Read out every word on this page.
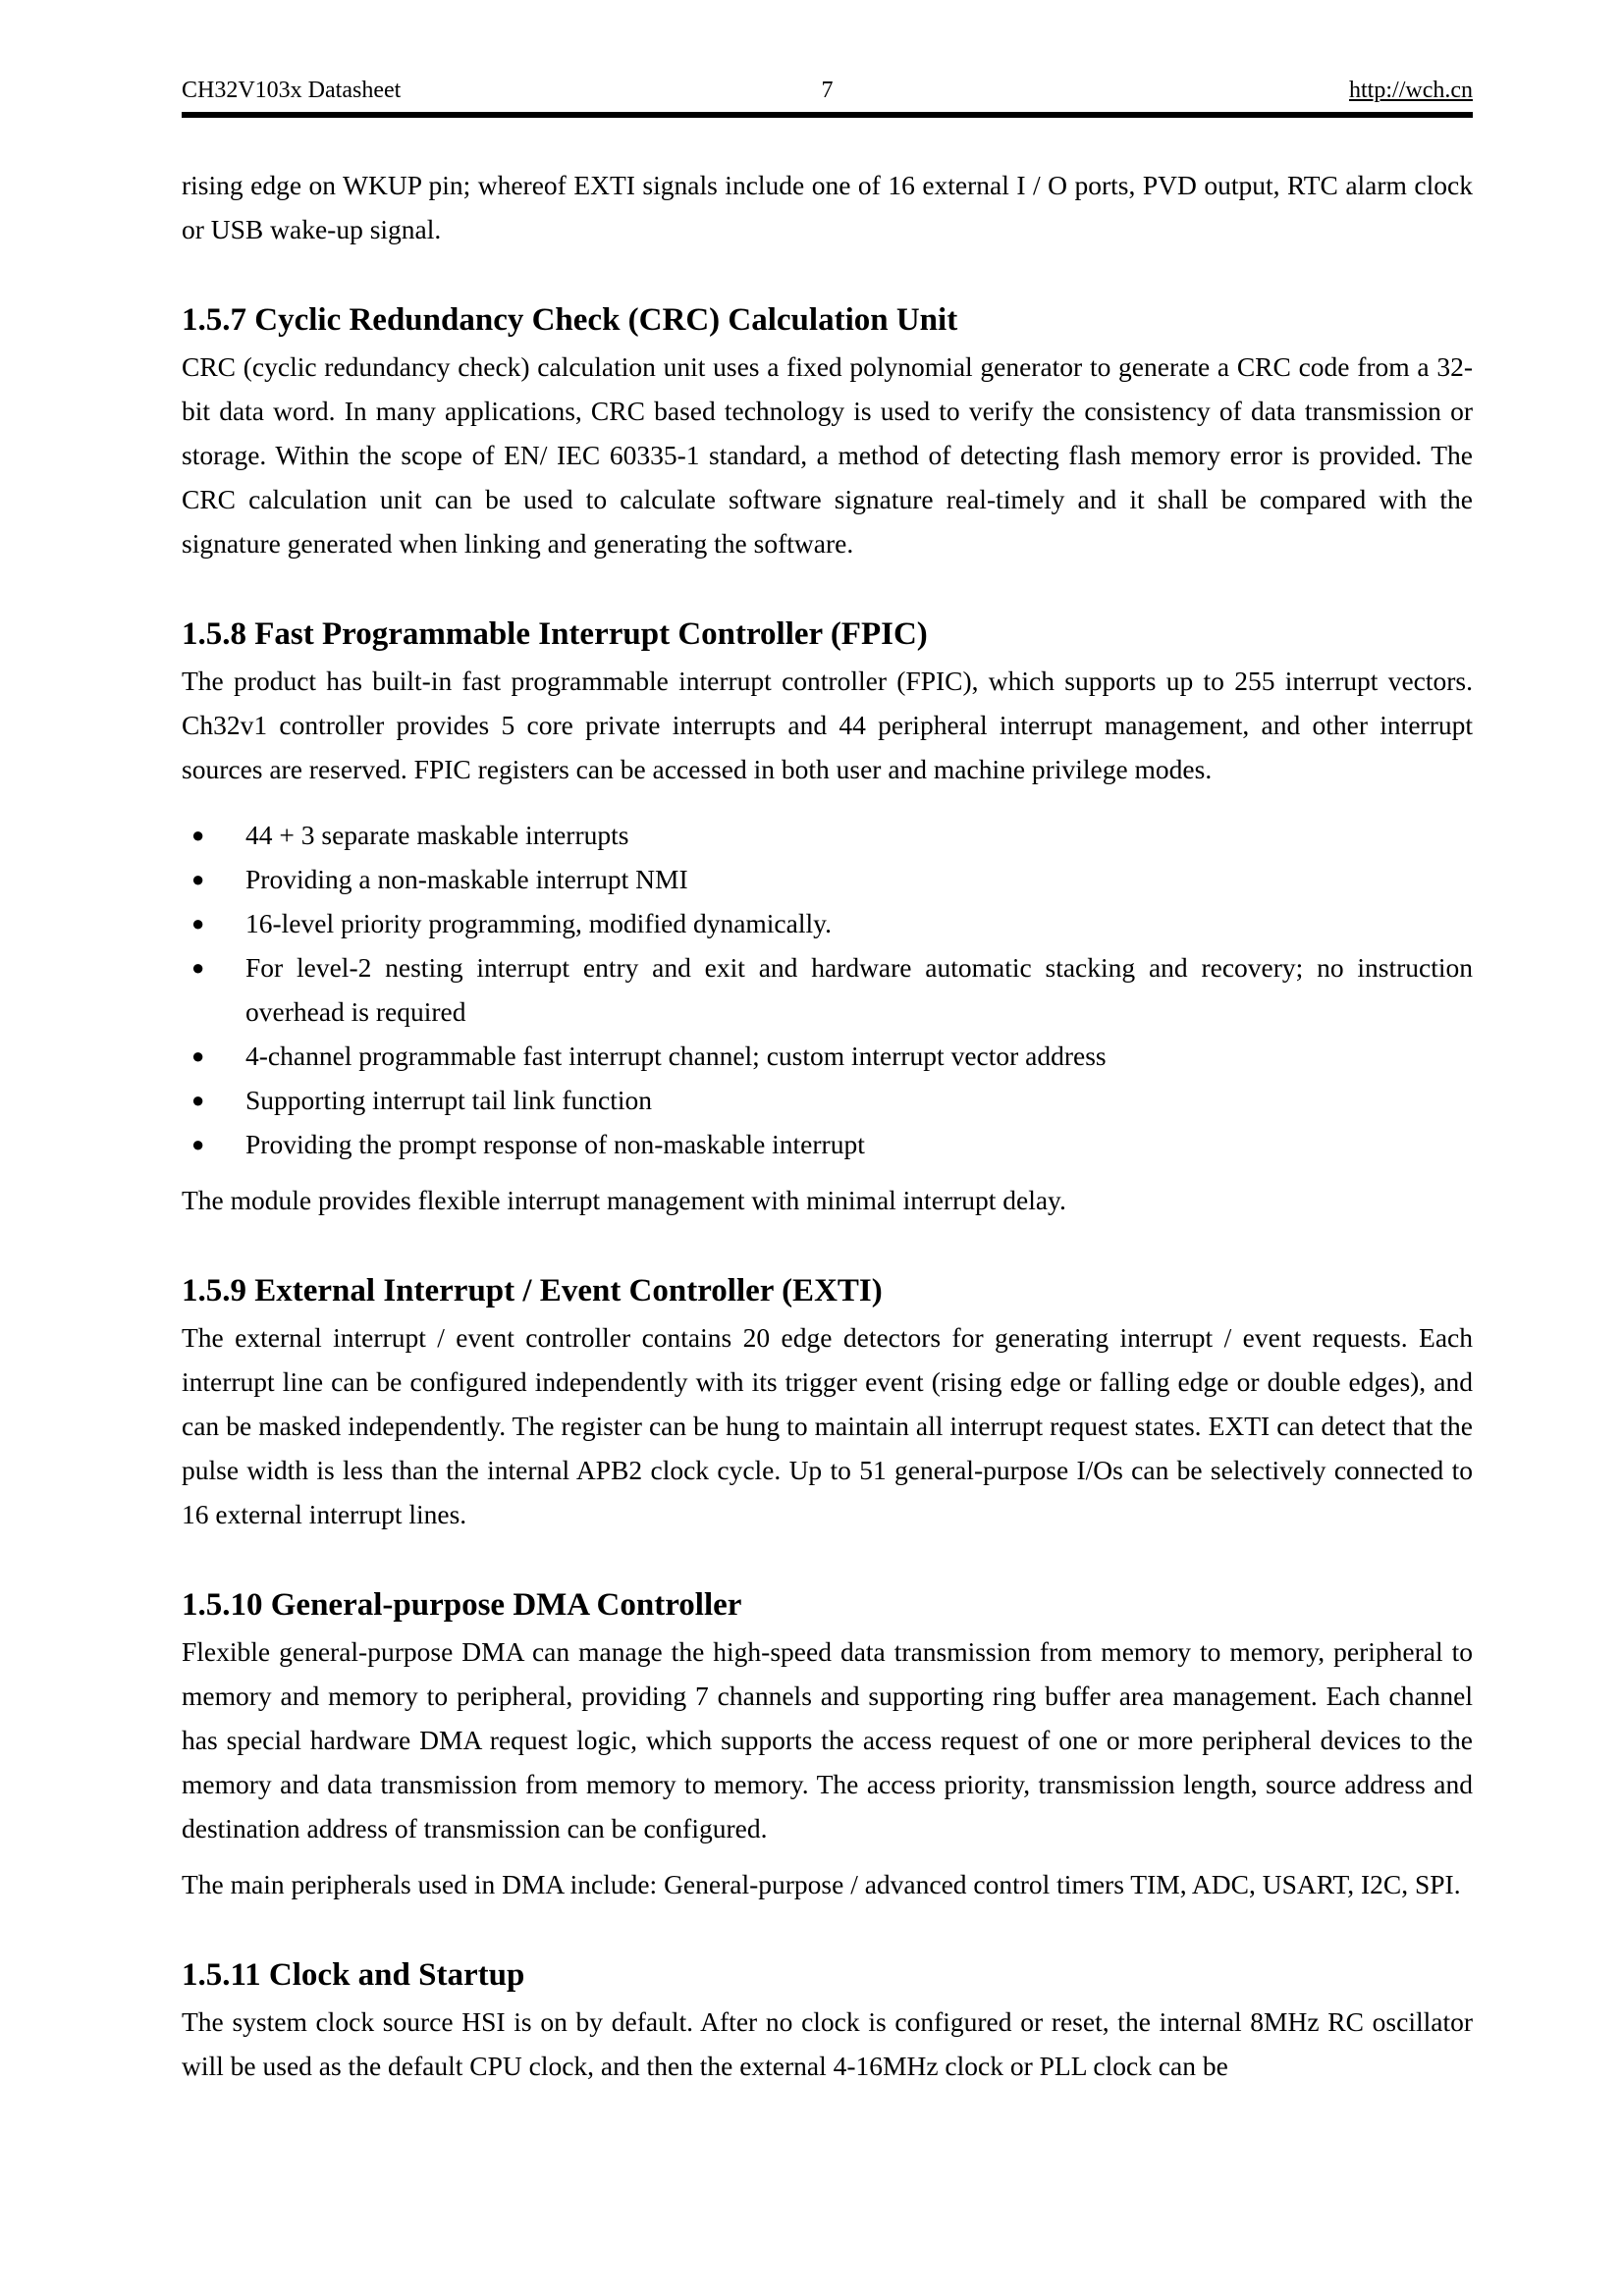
CH32V103x Datasheet	7	http://wch.cn

rising edge on WKUP pin; whereof EXTI signals include one of 16 external I / O ports, PVD output, RTC alarm clock or USB wake-up signal.

1.5.7 Cyclic Redundancy Check (CRC) Calculation Unit

CRC (cyclic redundancy check) calculation unit uses a fixed polynomial generator to generate a CRC code from a 32-bit data word. In many applications, CRC based technology is used to verify the consistency of data transmission or storage. Within the scope of EN/ IEC 60335-1 standard, a method of detecting flash memory error is provided. The CRC calculation unit can be used to calculate software signature real-timely and it shall be compared with the signature generated when linking and generating the software.

1.5.8 Fast Programmable Interrupt Controller (FPIC)

The product has built-in fast programmable interrupt controller (FPIC), which supports up to 255 interrupt vectors. Ch32v1 controller provides 5 core private interrupts and 44 peripheral interrupt management, and other interrupt sources are reserved. FPIC registers can be accessed in both user and machine privilege modes.

● 44 + 3 separate maskable interrupts
● Providing a non-maskable interrupt NMI
● 16-level priority programming, modified dynamically.
● For level-2 nesting interrupt entry and exit and hardware automatic stacking and recovery; no instruction overhead is required
● 4-channel programmable fast interrupt channel; custom interrupt vector address
● Supporting interrupt tail link function
● Providing the prompt response of non-maskable interrupt

The module provides flexible interrupt management with minimal interrupt delay.

1.5.9 External Interrupt / Event Controller (EXTI)

The external interrupt / event controller contains 20 edge detectors for generating interrupt / event requests. Each interrupt line can be configured independently with its trigger event (rising edge or falling edge or double edges), and can be masked independently. The register can be hung to maintain all interrupt request states. EXTI can detect that the pulse width is less than the internal APB2 clock cycle. Up to 51 general-purpose I/Os can be selectively connected to 16 external interrupt lines.

1.5.10 General-purpose DMA Controller

Flexible general-purpose DMA can manage the high-speed data transmission from memory to memory, peripheral to memory and memory to peripheral, providing 7 channels and supporting ring buffer area management. Each channel has special hardware DMA request logic, which supports the access request of one or more peripheral devices to the memory and data transmission from memory to memory. The access priority, transmission length, source address and destination address of transmission can be configured.

The main peripherals used in DMA include: General-purpose / advanced control timers TIM, ADC, USART, I2C, SPI.

1.5.11 Clock and Startup

The system clock source HSI is on by default. After no clock is configured or reset, the internal 8MHz RC oscillator will be used as the default CPU clock, and then the external 4-16MHz clock or PLL clock can be
